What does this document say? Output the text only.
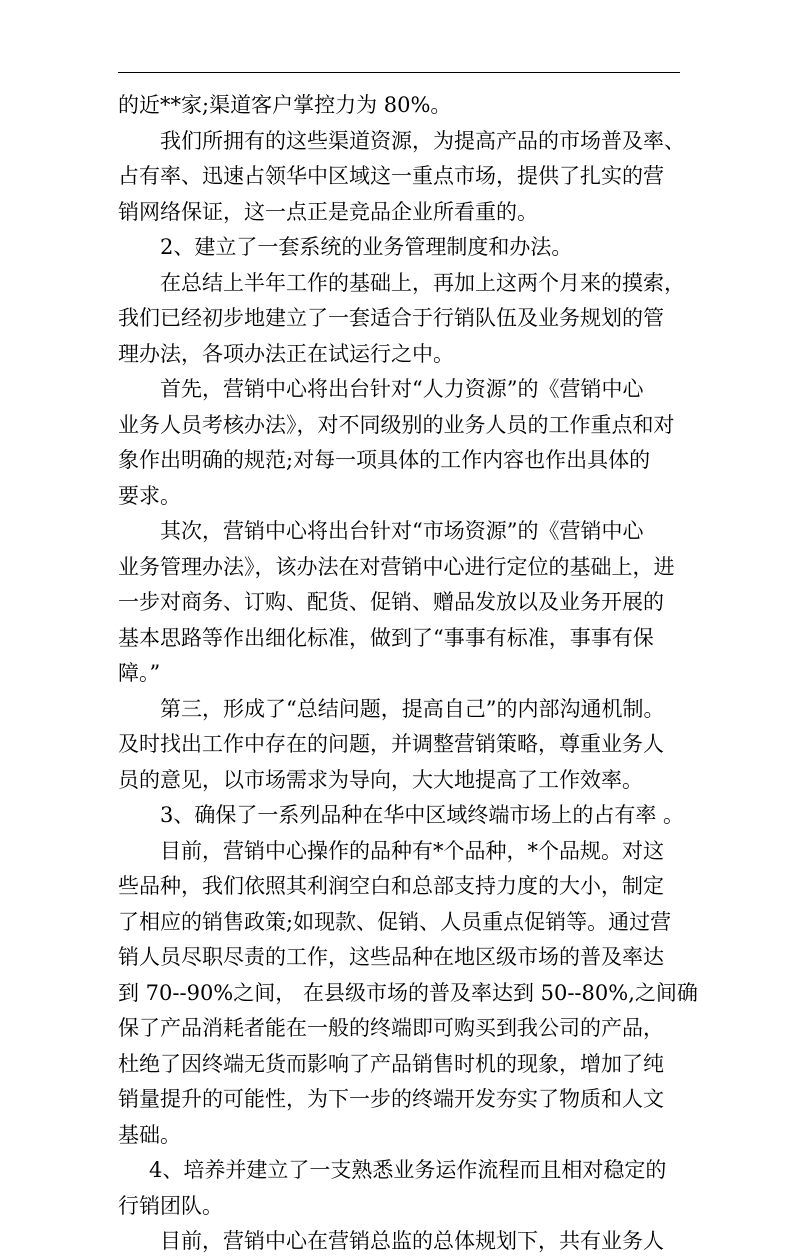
的近**家;渠道客户掌控力为 80%。
我们所拥有的这些渠道资源，为提高产品的市场普及率、
占有率、迅速占领华中区域这一重点市场，提供了扎实的营
销网络保证，这一点正是竞品企业所看重的。
2、建立了一套系统的业务管理制度和办法。
在总结上半年工作的基础上，再加上这两个月来的摸索，
我们已经初步地建立了一套适合于行销队伍及业务规划的管
理办法，各项办法正在试运行之中。
首先，营销中心将出台针对“人力资源”的《营销中心
业务人员考核办法》，对不同级别的业务人员的工作重点和对
象作出明确的规范;对每一项具体的工作内容也作出具体的
要求。
其次，营销中心将出台针对“市场资源”的《营销中心
业务管理办法》，该办法在对营销中心进行定位的基础上，进
一步对商务、订购、配货、促销、赠品发放以及业务开展的
基本思路等作出细化标准，做到了“事事有标准，事事有保
障。”
第三，形成了“总结问题，提高自己”的内部沟通机制。
及时找出工作中存在的问题，并调整营销策略，尊重业务人
员的意见，以市场需求为导向，大大地提高了工作效率。
3、确保了一系列品种在华中区域终端市场上的占有率 。
目前，营销中心操作的品种有*个品种，*个品规。对这
些品种，我们依照其利润空白和总部支持力度的大小，制定
了相应的销售政策;如现款、促销、人员重点促销等。通过营
销人员尽职尽责的工作，这些品种在地区级市场的普及率达
到 70--90%之间， 在县级市场的普及率达到 50--80%,之间确
保了产品消耗者能在一般的终端即可购买到我公司的产品，
杜绝了因终端无货而影响了产品销售时机的现象，增加了纯
销量提升的可能性，为下一步的终端开发夯实了物质和人文
基础。
4、培养并建立了一支熟悉业务运作流程而且相对稳定的
行销团队。
目前，营销中心在营销总监的总体规划下，共有业务人
